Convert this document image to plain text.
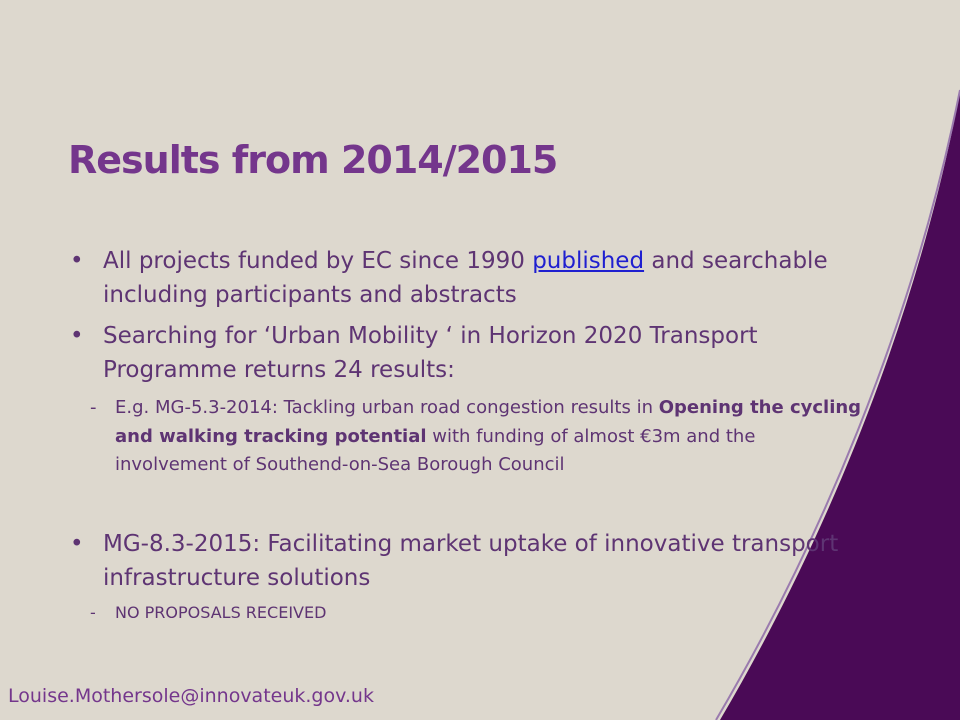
Results from 2014/2015
• All projects funded by EC since 1990 published and searchable including participants and abstracts
• Searching for ‘Urban Mobility ‘ in Horizon 2020 Transport Programme returns 24 results:
- E.g. MG-5.3-2014: Tackling urban road congestion results in Opening the cycling and walking tracking potential with funding of almost €3m and the involvement of Southend-on-Sea Borough Council
• MG-8.3-2015: Facilitating market uptake of innovative transport infrastructure solutions
- NO PROPOSALS RECEIVED
Louise.Mothersole@innovateuk.gov.uk
